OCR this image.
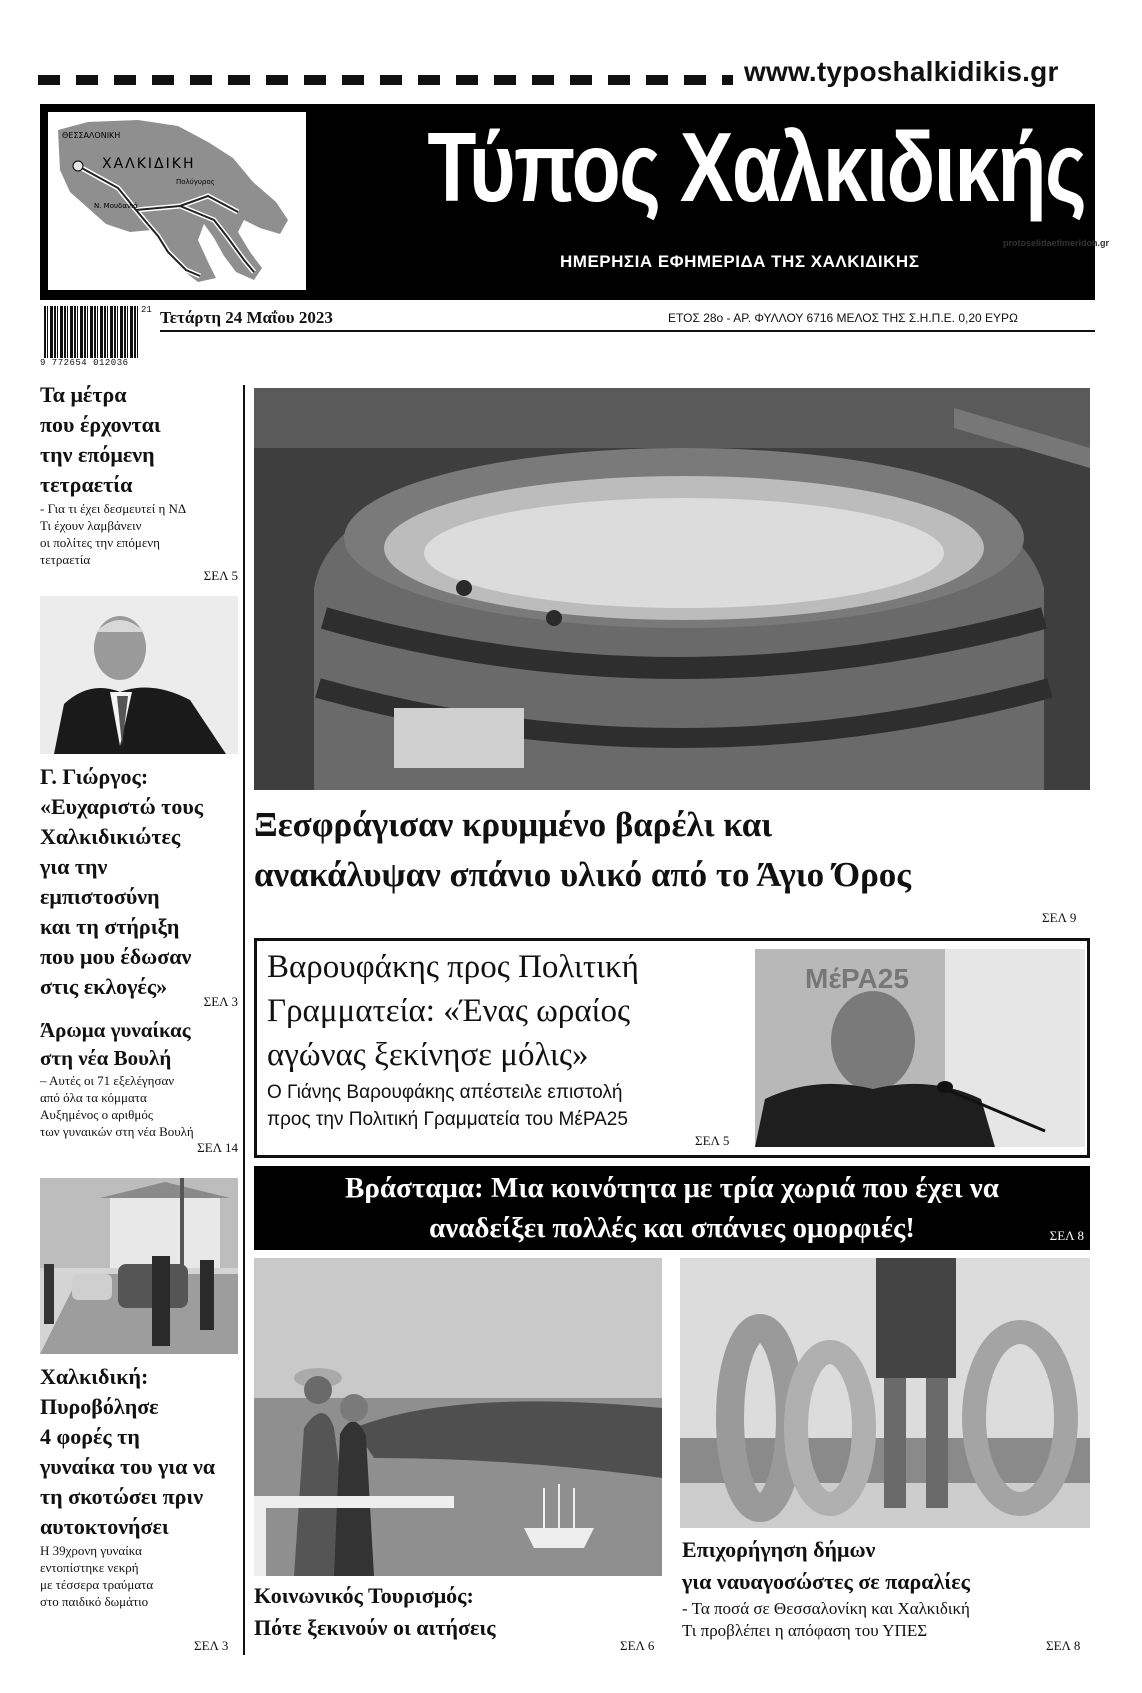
www.typoshalkidikis.gr
ΘΕΣΣΑΛΟΝΙΚΗ
ΧΑΛΚΙΔΙΚΗ
Πολύγυρος
Ν. Μουδανιά	Τύπος Χαλκιδικής
ΗΜΕΡΗΣΙΑ ΕΦΗΜΕΡΙΔΑ ΤΗΣ ΧΑΛΚΙΔΙΚΗΣ
protoselidaefimeridon.gr
9 772654 012036
21 Τετάρτη 24 Μαΐου 2023	ΕΤΟΣ 28ο - ΑΡ. ΦΥΛΛΟΥ 6716 ΜΕΛΟΣ ΤΗΣ Σ.Η.Π.Ε. 0,20 ΕΥΡΩ
Τα μέτρα
που έρχονται
την επόμενη
τετραετία
- Για τι έχει δεσμευτεί η ΝΔ
Τι έχουν λαμβάνειν
οι πολίτες την επόμενη
τετραετία
ΣΕΛ 5
Γ. Γιώργος:
«Ευχαριστώ τους
Χαλκιδικιώτες
για την
εμπιστοσύνη
και τη στήριξη
που μου έδωσαν
στις εκλογές»
ΣΕΛ 3
Άρωμα γυναίκας
στη νέα Βουλή
– Αυτές οι 71 εξελέγησαν
από όλα τα κόμματα
Αυξημένος ο αριθμός
των γυναικών στη νέα Βουλή
ΣΕΛ 14
Χαλκιδική:
Πυροβόλησε
4 φορές τη
γυναίκα του για να
τη σκοτώσει πριν
αυτοκτονήσει
Η 39χρονη γυναίκα
εντοπίστηκε νεκρή
με τέσσερα τραύματα
στο παιδικό δωμάτιο
ΣΕΛ 3
Ξεσφράγισαν κρυμμένο βαρέλι και
ανακάλυψαν σπάνιο υλικό από το Άγιο Όρος
ΣΕΛ 9
Βαρουφάκης προς Πολιτική
Γραμματεία: «Ένας ωραίος
αγώνας ξεκίνησε μόλις»
Ο Γιάνης Βαρουφάκης απέστειλε επιστολή
προς την Πολιτική Γραμματεία του ΜέΡΑ25
ΣΕΛ 5
ΜέΡΑ25
Βράσταμα: Μια κοινότητα με τρία χωριά που έχει να
αναδείξει πολλές και σπάνιες ομορφιές!	ΣΕΛ 8
Κοινωνικός Τουρισμός:
Πότε ξεκινούν οι αιτήσεις
ΣΕΛ 6
Επιχορήγηση δήμων
για ναυαγοσώστες σε παραλίες
- Τα ποσά σε Θεσσαλονίκη και Χαλκιδική
Τι προβλέπει η απόφαση του ΥΠΕΣ
ΣΕΛ 8
